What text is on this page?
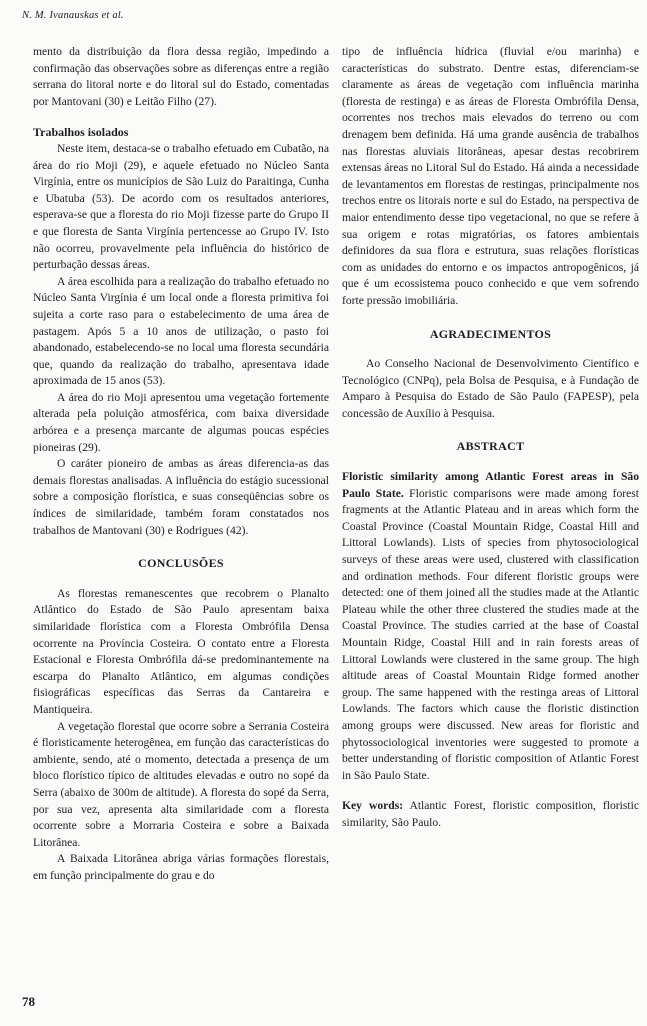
N. M. Ivanauskas et al.

mento da distribuição da flora dessa região, impedindo a confirmação das observações sobre as diferenças entre a região serrana do litoral norte e do litoral sul do Estado, comentadas por Mantovani (30) e Leitão Filho (27).

Trabalhos isolados

Neste item, destaca-se o trabalho efetuado em Cubatão, na área do rio Moji (29), e aquele efetuado no Núcleo Santa Virgínia, entre os municípios de São Luiz do Paraitinga, Cunha e Ubatuba (53). De acordo com os resultados anteriores, esperava-se que a floresta do rio Moji fizesse parte do Grupo II e que floresta de Santa Virgínia pertencesse ao Grupo IV. Isto não ocorreu, provavelmente pela influência do histórico de perturbação dessas áreas.

A área escolhida para a realização do trabalho efetuado no Núcleo Santa Virgínia é um local onde a floresta primitiva foi sujeita a corte raso para o estabelecimento de uma área de pastagem. Após 5 a 10 anos de utilização, o pasto foi abandonado, estabelecendo-se no local uma floresta secundária que, quando da realização do trabalho, apresentava idade aproximada de 15 anos (53).

A área do rio Moji apresentou uma vegetação fortemente alterada pela poluição atmosférica, com baixa diversidade arbórea e a presença marcante de algumas poucas espécies pioneiras (29).

O caráter pioneiro de ambas as áreas diferencia-as das demais florestas analisadas. A influência do estágio sucessional sobre a composição florística, e suas conseqüências sobre os índices de similaridade, também foram constatados nos trabalhos de Mantovani (30) e Rodrigues (42).

CONCLUSÕES

As florestas remanescentes que recobrem o Planalto Atlântico do Estado de São Paulo apresentam baixa similaridade florística com a Floresta Ombrófila Densa ocorrente na Província Costeira. O contato entre a Floresta Estacional e Floresta Ombrófila dá-se predominantemente na escarpa do Planalto Atlântico, em algumas condições fisiográficas específicas das Serras da Cantareira e Mantiqueira.

A vegetação florestal que ocorre sobre a Serrania Costeira é floristicamente heterogênea, em função das características do ambiente, sendo, até o momento, detectada a presença de um bloco florístico típico de altitudes elevadas e outro no sopé da Serra (abaixo de 300m de altitude). A floresta do sopé da Serra, por sua vez, apresenta alta similaridade com a floresta ocorrente sobre a Morraria Costeira e sobre a Baixada Litorânea.

A Baixada Litorânea abriga várias formações florestais, em função principalmente do grau e do

tipo de influência hídrica (fluvial e/ou marinha) e características do substrato. Dentre estas, diferenciam-se claramente as áreas de vegetação com influência marinha (floresta de restinga) e as áreas de Floresta Ombrófila Densa, ocorrentes nos trechos mais elevados do terreno ou com drenagem bem definida. Há uma grande ausência de trabalhos nas florestas aluviais litorâneas, apesar destas recobrirem extensas áreas no Litoral Sul do Estado. Há ainda a necessidade de levantamentos em florestas de restingas, principalmente nos trechos entre os litorais norte e sul do Estado, na perspectiva de maior entendimento desse tipo vegetacional, no que se refere à sua origem e rotas migratórias, os fatores ambientais definidores da sua flora e estrutura, suas relações florísticas com as unidades do entorno e os impactos antropogênicos, já que é um ecossistema pouco conhecido e que vem sofrendo forte pressão imobiliária.

AGRADECIMENTOS

Ao Conselho Nacional de Desenvolvimento Científico e Tecnológico (CNPq), pela Bolsa de Pesquisa, e à Fundação de Amparo à Pesquisa do Estado de São Paulo (FAPESP), pela concessão de Auxílio à Pesquisa.

ABSTRACT

Floristic similarity among Atlantic Forest areas in São Paulo State. Floristic comparisons were made among forest fragments at the Atlantic Plateau and in areas which form the Coastal Province (Coastal Mountain Ridge, Coastal Hill and Littoral Lowlands). Lists of species from phytosociological surveys of these areas were used, clustered with classification and ordination methods. Four diferent floristic groups were detected: one of them joined all the studies made at the Atlantic Plateau while the other three clustered the studies made at the Coastal Province. The studies carried at the base of Coastal Mountain Ridge, Coastal Hill and in rain forests areas of Littoral Lowlands were clustered in the same group. The high altitude areas of Coastal Mountain Ridge formed another group. The same happened with the restinga areas of Littoral Lowlands. The factors which cause the floristic distinction among groups were discussed. New areas for floristic and phytossociological inventories were suggested to promote a better understanding of floristic composition of Atlantic Forest in São Paulo State.

Key words: Atlantic Forest, floristic composition, floristic similarity, São Paulo.

78
